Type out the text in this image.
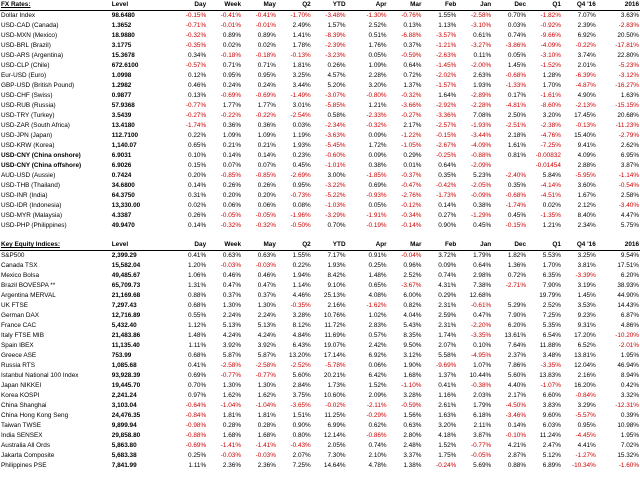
FX Rates:	Level	Day	Week	May	Q2	YTD	Apr	Mar	Feb	Jan	Dec	Q1	Q4 '16	2016
Dollar Index	98.6480	-0.15%	-0.41%	-0.41%	-1.70%	-3.48%	-1.30%	-0.76%	1.55%	-2.58%	0.70%	-1.82%	7.07%	3.63%
USD-CAD (Canada)	1.3652	-0.71%	-0.01%	-0.01%	2.49%	1.57%	2.52%	0.13%	1.13%	-3.10%	0.03%	-0.92%	2.39%	-2.83%
USD-MXN (Mexico)	18.9880	-0.32%	0.89%	0.89%	1.41%	-8.39%	0.51%	-6.88%	-3.57%	0.61%	0.74%	-9.66%	6.92%	20.50%
USD-BRL (Brazil)	3.1775	-0.35%	0.02%	0.02%	1.78%	-2.39%	1.76%	0.37%	-1.21%	-3.27%	-3.86%	-4.09%	-0.22%	-17.81%
USD-ARS (Argentina)	15.3678	0.34%	-0.18%	-0.18%	-0.13%	-3.23%	0.05%	-0.59%	-2.63%	0.11%	0.05%	-3.10%	3.74%	22.80%
USD-CLP (Chile)	672.6100	-0.57%	0.71%	0.71%	1.81%	0.26%	1.09%	0.64%	-1.45%	-2.00%	1.45%	-1.52%	2.01%	-5.23%
Eur-USD (Euro)	1.0998	0.12%	0.95%	0.95%	3.25%	4.57%	2.28%	0.72%	-2.02%	2.63%	-0.68%	1.28%	-6.39%	-3.12%
GBP-USD (British Pound)	1.2982	0.46%	0.24%	0.24%	3.44%	5.20%	3.20%	1.37%	-1.57%	1.93%	-1.33%	1.70%	-4.87%	-16.27%
USD-CHF (Swiss)	0.9877	0.13%	-0.69%	-0.69%	-1.49%	-3.07%	-0.80%	-0.32%	1.64%	-2.89%	0.17%	-1.61%	4.90%	1.63%
USD-RUB (Russia)	57.9368	-0.77%	1.77%	1.77%	3.01%	-5.85%	1.21%	-3.66%	-2.92%	-2.28%	-4.81%	-8.60%	-2.13%	-15.15%
USD-TRY (Turkey)	3.5439	-0.27%	-0.22%	-0.22%	-2.54%	0.58%	-2.33%	-0.27%	-3.36%	7.08%	2.50%	3.20%	17.45%	20.68%
USD-ZAR (South Africa)	13.4180	-1.74%	0.36%	0.36%	0.03%	-2.34%	-0.32%	2.17%	-2.57%	-1.93%	-2.51%	-2.38%	-0.13%	-11.23%
USD-JPN (Japan)	112.7100	0.22%	1.09%	1.09%	1.19%	-3.63%	0.09%	-1.22%	-0.15%	-3.44%	2.18%	-4.76%	15.40%	-2.79%
USD-KRW (Korea)	1,140.07	0.65%	0.21%	0.21%	1.93%	-5.45%	1.72%	-1.05%	-2.67%	-4.09%	1.61%	-7.25%	9.41%	2.62%
USD-CNY (China onshore)	6.9031	0.10%	0.14%	0.14%	0.23%	-0.60%	0.09%	0.29%	-0.25%	-0.88%	0.81%	-0.00832	4.09%	6.95%
USD-CNY (China offshore)	6.9026	0.15%	0.07%	0.07%	0.45%	-1.01%	0.38%	0.01%	0.64%	-2.09%		-0.01454	2.88%	3.87%
AUD-USD (Aussie)	0.7424	0.20%	-0.85%	-0.85%	-2.69%	3.00%	-1.85%	-0.37%	0.35%	5.23%	-2.40%	5.84%	-5.95%	-1.14%
USD-THB (Thailand)	34.6800	0.14%	0.26%	0.26%	0.95%	-3.22%	0.69%	-0.47%	-0.42%	-2.05%	0.35%	-4.14%	3.60%	-0.54%
USD-INR (India)	64.3750	0.31%	0.20%	0.20%	-0.73%	-5.22%	-0.93%	-2.76%	-1.73%	-0.09%	-0.68%	-4.51%	1.67%	2.58%
USD-IDR (Indonesia)	13,330.00	0.02%	0.06%	0.06%	0.08%	-1.03%	0.05%	-0.12%	0.14%	0.38%	-1.74%	0.02%	2.12%	-3.40%
USD-MYR (Malaysia)	4.3387	0.26%	-0.05%	-0.05%	-1.96%	-3.29%	-1.91%	-0.34%	0.27%	-1.29%	0.45%	-1.35%	8.40%	4.47%
USD-PHP (Philippines)	49.9470	0.14%	-0.32%	-0.32%	-0.50%	0.70%	-0.19%	-0.14%	0.90%	0.45%	-0.15%	1.21%	2.34%	5.75%

Key Equity Indices:	Level	Day	Week	May	Q2	YTD	Apr	Mar	Feb	Jan	Dec	Q1	Q4 '16	2016
S&P500	2,399.29	0.41%	0.63%	0.63%	1.55%	7.17%	0.91%	-0.04%	3.72%	1.79%	1.82%	5.53%	3.25%	9.54%
Canada TSX	15,582.04	1.20%	-0.03%	-0.03%	0.22%	1.93%	0.25%	0.96%	0.09%	0.64%	1.36%	1.70%	3.81%	17.51%
Mexico Bolsa	49,485.67	1.06%	0.46%	0.46%	1.94%	8.42%	1.48%	2.52%	0.74%	2.98%	0.72%	6.35%	-3.39%	6.20%
Brazil BOVESPA **	65,709.73	1.31%	0.47%	0.47%	1.14%	9.10%	0.65%	-3.67%	4.31%	7.38%	-2.71%	7.90%	3.19%	38.93%
Argentina MERVAL	21,169.68	0.88%	0.37%	0.37%	4.46%	25.13%	4.08%	6.00%	0.29%	12.68%		19.79%	1.45%	44.90%
UK FTSE	7,297.43	0.68%	1.30%	1.30%	-0.35%	2.16%	-1.62%	0.82%	2.31%	-0.61%	5.29%	2.52%	3.53%	14.43%
German DAX	12,716.89	0.55%	2.24%	2.24%	3.28%	10.76%	1.02%	4.04%	2.59%	0.47%	7.90%	7.25%	9.23%	6.87%
France CAC	5,432.40	1.12%	5.13%	5.13%	8.12%	11.72%	2.83%	5.43%	2.31%	-2.20%	6.20%	5.35%	9.31%	4.86%
Italy FTSE MIB	21,483.86	1.48%	4.24%	4.24%	4.84%	11.69%	0.57%	8.35%	1.74%	-3.35%	13.61%	6.54%	17.20%	-10.20%
Spain IBEX	11,135.40	1.11%	3.92%	3.92%	6.43%	19.07%	2.42%	9.50%	2.07%	0.10%	7.64%	11.88%	6.52%	-2.01%
Greece ASE	753.99	0.68%	5.87%	5.87%	13.20%	17.14%	6.92%	3.12%	5.58%	-4.95%	2.37%	3.48%	13.81%	1.95%
Russia RTS	1,085.68	0.41%	-2.58%	-2.58%	-2.52%	-5.78%	0.06%	1.90%	-9.69%	1.07%	7.86%	-3.35%	12.04%	46.94%
Istanbul National 100 Index	93,928.39	0.69%	-0.77%	-0.77%	5.60%	20.21%	6.42%	1.68%	1.37%	10.44%	5.60%	13.83%	2.16%	8.94%
Japan NIKKEI	19,445.70	0.70%	1.30%	1.30%	2.84%	1.73%	1.52%	-1.10%	0.41%	-0.38%	4.40%	-1.07%	16.20%	0.42%
Korea KOSPI	2,241.24	0.97%	1.62%	1.62%	3.75%	10.60%	2.09%	3.28%	1.16%	2.03%	2.17%	6.60%	-0.84%	3.32%
China Shanghai	3,103.04	-0.64%	-1.04%	-1.04%	-3.65%	-0.02%	-2.11%	-0.59%	2.61%	1.79%	-4.50%	3.83%	3.29%	-12.31%
China Hong Kong Seng	24,476.35	-0.84%	1.81%	1.81%	1.51%	11.25%	-0.29%	1.56%	1.63%	6.18%	-3.46%	9.60%	-5.57%	0.39%
Taiwan TWSE	9,899.94	-0.98%	0.28%	0.28%	0.90%	6.99%	0.62%	0.63%	3.20%	2.11%	0.14%	6.03%	0.95%	10.98%
India SENSEX	29,858.80	-0.88%	1.68%	1.68%	0.80%	12.14%	-0.86%	2.80%	4.18%	3.87%	-0.10%	11.24%	-4.45%	1.95%
Australia All Ords	5,863.80	-0.69%	-1.41%	-1.41%	-0.43%	2.05%	0.74%	2.48%	1.52%	-0.77%	4.21%	2.47%	4.41%	7.02%
Jakarta Composite	5,683.38	0.25%	-0.03%	-0.03%	2.07%	7.30%	2.10%	3.37%	1.75%	-0.05%	2.87%	5.12%	-1.27%	15.32%
Philippines PSE	7,841.99	1.11%	2.36%	2.36%	7.25%	14.64%	4.78%	1.38%	-0.24%	5.69%	0.88%	6.89%	-10.34%	-1.60%
